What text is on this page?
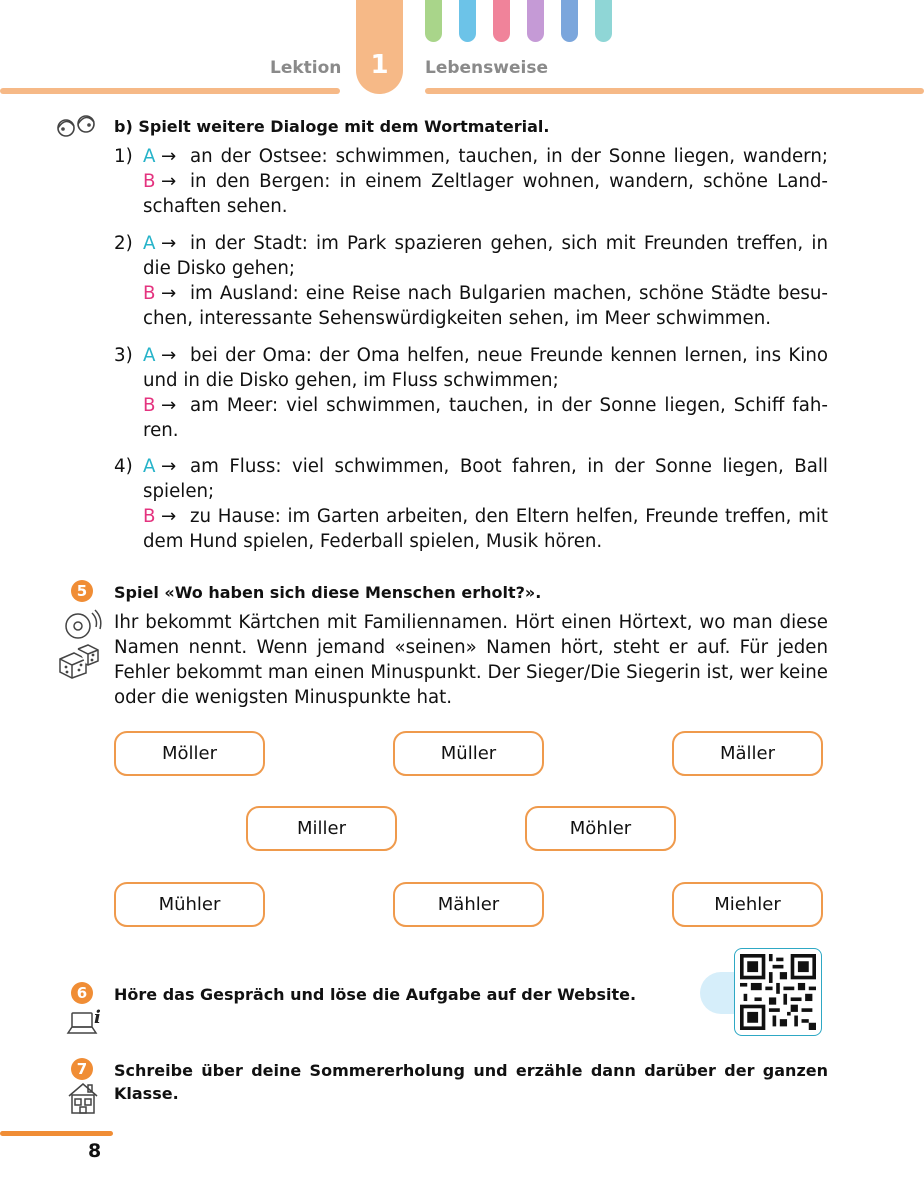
1
Lektion	Lebensweise
b) Spielt weitere Dialoge mit dem Wortmaterial.
1) A → an der Ostsee: schwimmen, tauchen, in der Sonne liegen, wandern;
B → in den Bergen: in einem Zeltlager wohnen, wandern, schöne Land-
schaften sehen.
2) A → in der Stadt: im Park spazieren gehen, sich mit Freunden treffen, in
die Disko gehen;
B → im Ausland: eine Reise nach Bulgarien machen, schöne Städte besu-
chen, interessante Sehenswürdigkeiten sehen, im Meer schwimmen.
3) A → bei der Oma: der Oma helfen, neue Freunde kennen lernen, ins Kino
und in die Disko gehen, im Fluss schwimmen;
B → am Meer: viel schwimmen, tauchen, in der Sonne liegen, Schiff fah-
ren.
4) A → am Fluss: viel schwimmen, Boot fahren, in der Sonne liegen, Ball
spielen;
B → zu Hause: im Garten arbeiten, den Eltern helfen, Freunde treffen, mit
dem Hund spielen, Federball spielen, Musik hören.
5	Spiel «Wo haben sich diese Menschen erholt?».
Ihr bekommt Kärtchen mit Familiennamen. Hört einen Hörtext, wo man diese
Namen nennt. Wenn jemand «seinen» Namen hört, steht er auf. Für jeden
Fehler bekommt man einen Minuspunkt. Der Sieger/Die Siegerin ist, wer keine
oder die wenigsten Minuspunkte hat.
Möller	Müller	Mäller
Miller	Möhler
Mühler	Mähler	Miehler
6
i
Höre das Gespräch und löse die Aufgabe auf der Website.
7	Schreibe über deine Sommererholung und erzähle dann darüber der ganzen
Klasse.
8
